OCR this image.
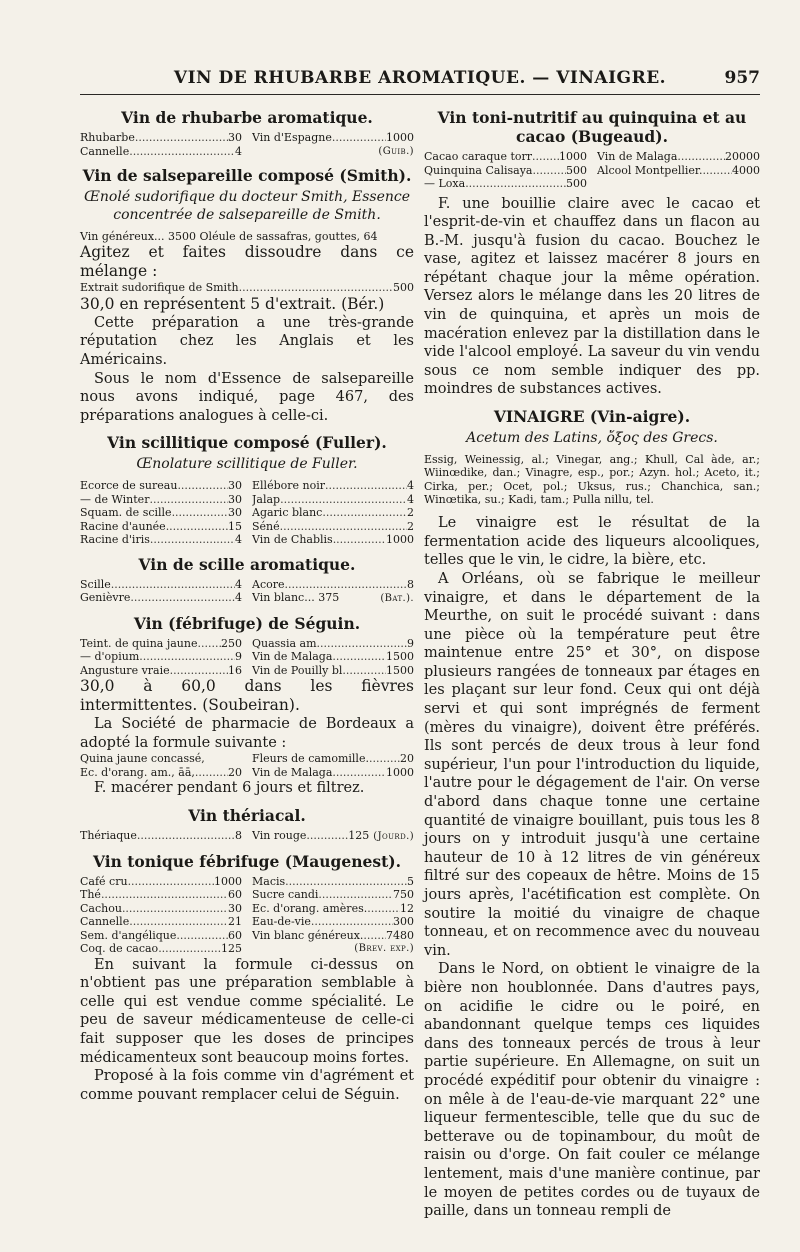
VIN DE RHUBARBE AROMATIQUE. — VINAIGRE.	957
Vin de rhubarbe aromatique.
Rhubarbe .....	30 Vin d'Espagne .....	1000
Cannelle .....	4	(Guib.)
Vin de salsepareille composé (Smith).
Œnolé sudorifique du docteur Smith, Essence concentrée de salsepareille de Smith.
Vin généreux... 3500 Oléule de sassafras, gouttes, 64

Agitez et faites dissoudre dans ce mélange :

Extrait sudorifique de Smith .....	500

30,0 en représentent 5 d'extrait. (Bér.)

Cette préparation a une très-grande réputation chez les Anglais et les Américains.

Sous le nom d'Essence de salsepareille nous avons indiqué, page 467, des préparations analogues à celle-ci.

Vin scillitique composé (Fuller).
Œnolature scillitique de Fuller.
Ecorce de sureau .....	30 Ellébore noir .....	4
— de Winter .....	30 Jalap .....	4
Squam. de scille .....	30 Agaric blanc .....	2
Racine d'aunée .....	15 Séné .....	2
Racine d'iris .....	4 Vin de Chablis .....	1000
Vin de scille aromatique.
Scille .....	4 Acore .....	8
Genièvre .....	4 Vin blanc... 375	(Bat.).
Vin (fébrifuge) de Séguin.
Teint. de quina jaune ..... 250 Quassia am .....	9
— d'opium .....	9 Vin de Malaga .....	1500
Angusture vraie .....	16 Vin de Pouilly bl .....	1500

30,0 à 60,0 dans les fièvres intermittentes. (Soubeiran).

La Société de pharmacie de Bordeaux a adopté la formule suivante :

Quina jaune concassé,	Fleurs de camomille. .....	20
Ec. d'orang. am., āā, .....	20 Vin de Malaga .....	1000

F. macérer pendant 6 jours et filtrez.

Vin thériacal.
Thériaque .....	8 Vin rouge .....	125 (Jourd.)
Vin tonique fébrifuge (Maugenest).
Café cru .....	1000 Macis .....	5
Thé .....	60 Sucre candi .....	750
Cachou .....	30 Ec. d'orang. amères. .....	12
Cannelle .....	21 Eau-de-vie .....	300
Sem. d'angélique .....	60 Vin blanc généreux. ..... 7480
Coq. de cacao .....	125	(Brev. exp.)

En suivant la formule ci-dessus on n'obtient pas une préparation semblable à celle qui est vendue comme spécialité. Le peu de saveur médicamenteuse de celle-ci fait supposer que les doses de principes médicamenteux sont beaucoup moins fortes.

Proposé à la fois comme vin d'agrément et comme pouvant remplacer celui de Séguin.

Vin toni-nutritif au quinquina et au cacao (Bugeaud).
Cacao caraque torr ..... 1000 Vin de Malaga .....	20000
Quinquina Calisaya .....	500 Alcool Montpellier. .....	4000
— Loxa .....	500

F. une bouillie claire avec le cacao et l'esprit-de-vin et chauffez dans un flacon au B.-M. jusqu'à fusion du cacao. Bouchez le vase, agitez et laissez macérer 8 jours en répétant chaque jour la même opération. Versez alors le mélange dans les 20 litres de vin de quinquina, et après un mois de macération enlevez par la distillation dans le vide l'alcool employé. La saveur du vin vendu sous ce nom semble indiquer des pp. moindres de substances actives.

VINAIGRE (Vin-aigre).
Acetum des Latins, ὄξος des Grecs.
Essig, Weinessig, al.; Vinegar, ang.; Khull, Cal àde, ar.; Wiinœdike, dan.; Vinagre, esp., por.; Azyn. hol.; Aceto, it.; Cirka, per.; Ocet, pol.; Uksus, rus.; Chanchica, san.; Winœtika, su.; Kadi, tam.; Pulla nillu, tel.

Le vinaigre est le résultat de la fermentation acide des liqueurs alcooliques, telles que le vin, le cidre, la bière, etc.

A Orléans, où se fabrique le meilleur vinaigre, et dans le département de la Meurthe, on suit le procédé suivant : dans une pièce où la température peut être maintenue entre 25° et 30°, on dispose plusieurs rangées de tonneaux par étages en les plaçant sur leur fond. Ceux qui ont déjà servi et qui sont imprégnés de ferment (mères du vinaigre), doivent être préférés. Ils sont percés de deux trous à leur fond supérieur, l'un pour l'introduction du liquide, l'autre pour le dégagement de l'air. On verse d'abord dans chaque tonne une certaine quantité de vinaigre bouillant, puis tous les 8 jours on y introduit jusqu'à une certaine hauteur de 10 à 12 litres de vin généreux filtré sur des copeaux de hêtre. Moins de 15 jours après, l'acétification est complète. On soutire la moitié du vinaigre de chaque tonneau, et on recommence avec du nouveau vin.

Dans le Nord, on obtient le vinaigre de la bière non houblonnée. Dans d'autres pays, on acidifie le cidre ou le poiré, en abandonnant quelque temps ces liquides dans des tonneaux percés de trous à leur partie supérieure. En Allemagne, on suit un procédé expéditif pour obtenir du vinaigre : on mêle à de l'eau-de-vie marquant 22° une liqueur fermentescible, telle que du suc de betterave ou de topinambour, du moût de raisin ou d'orge. On fait couler ce mélange lentement, mais d'une manière continue, par le moyen de petites cordes ou de tuyaux de paille, dans un tonneau rempli de
